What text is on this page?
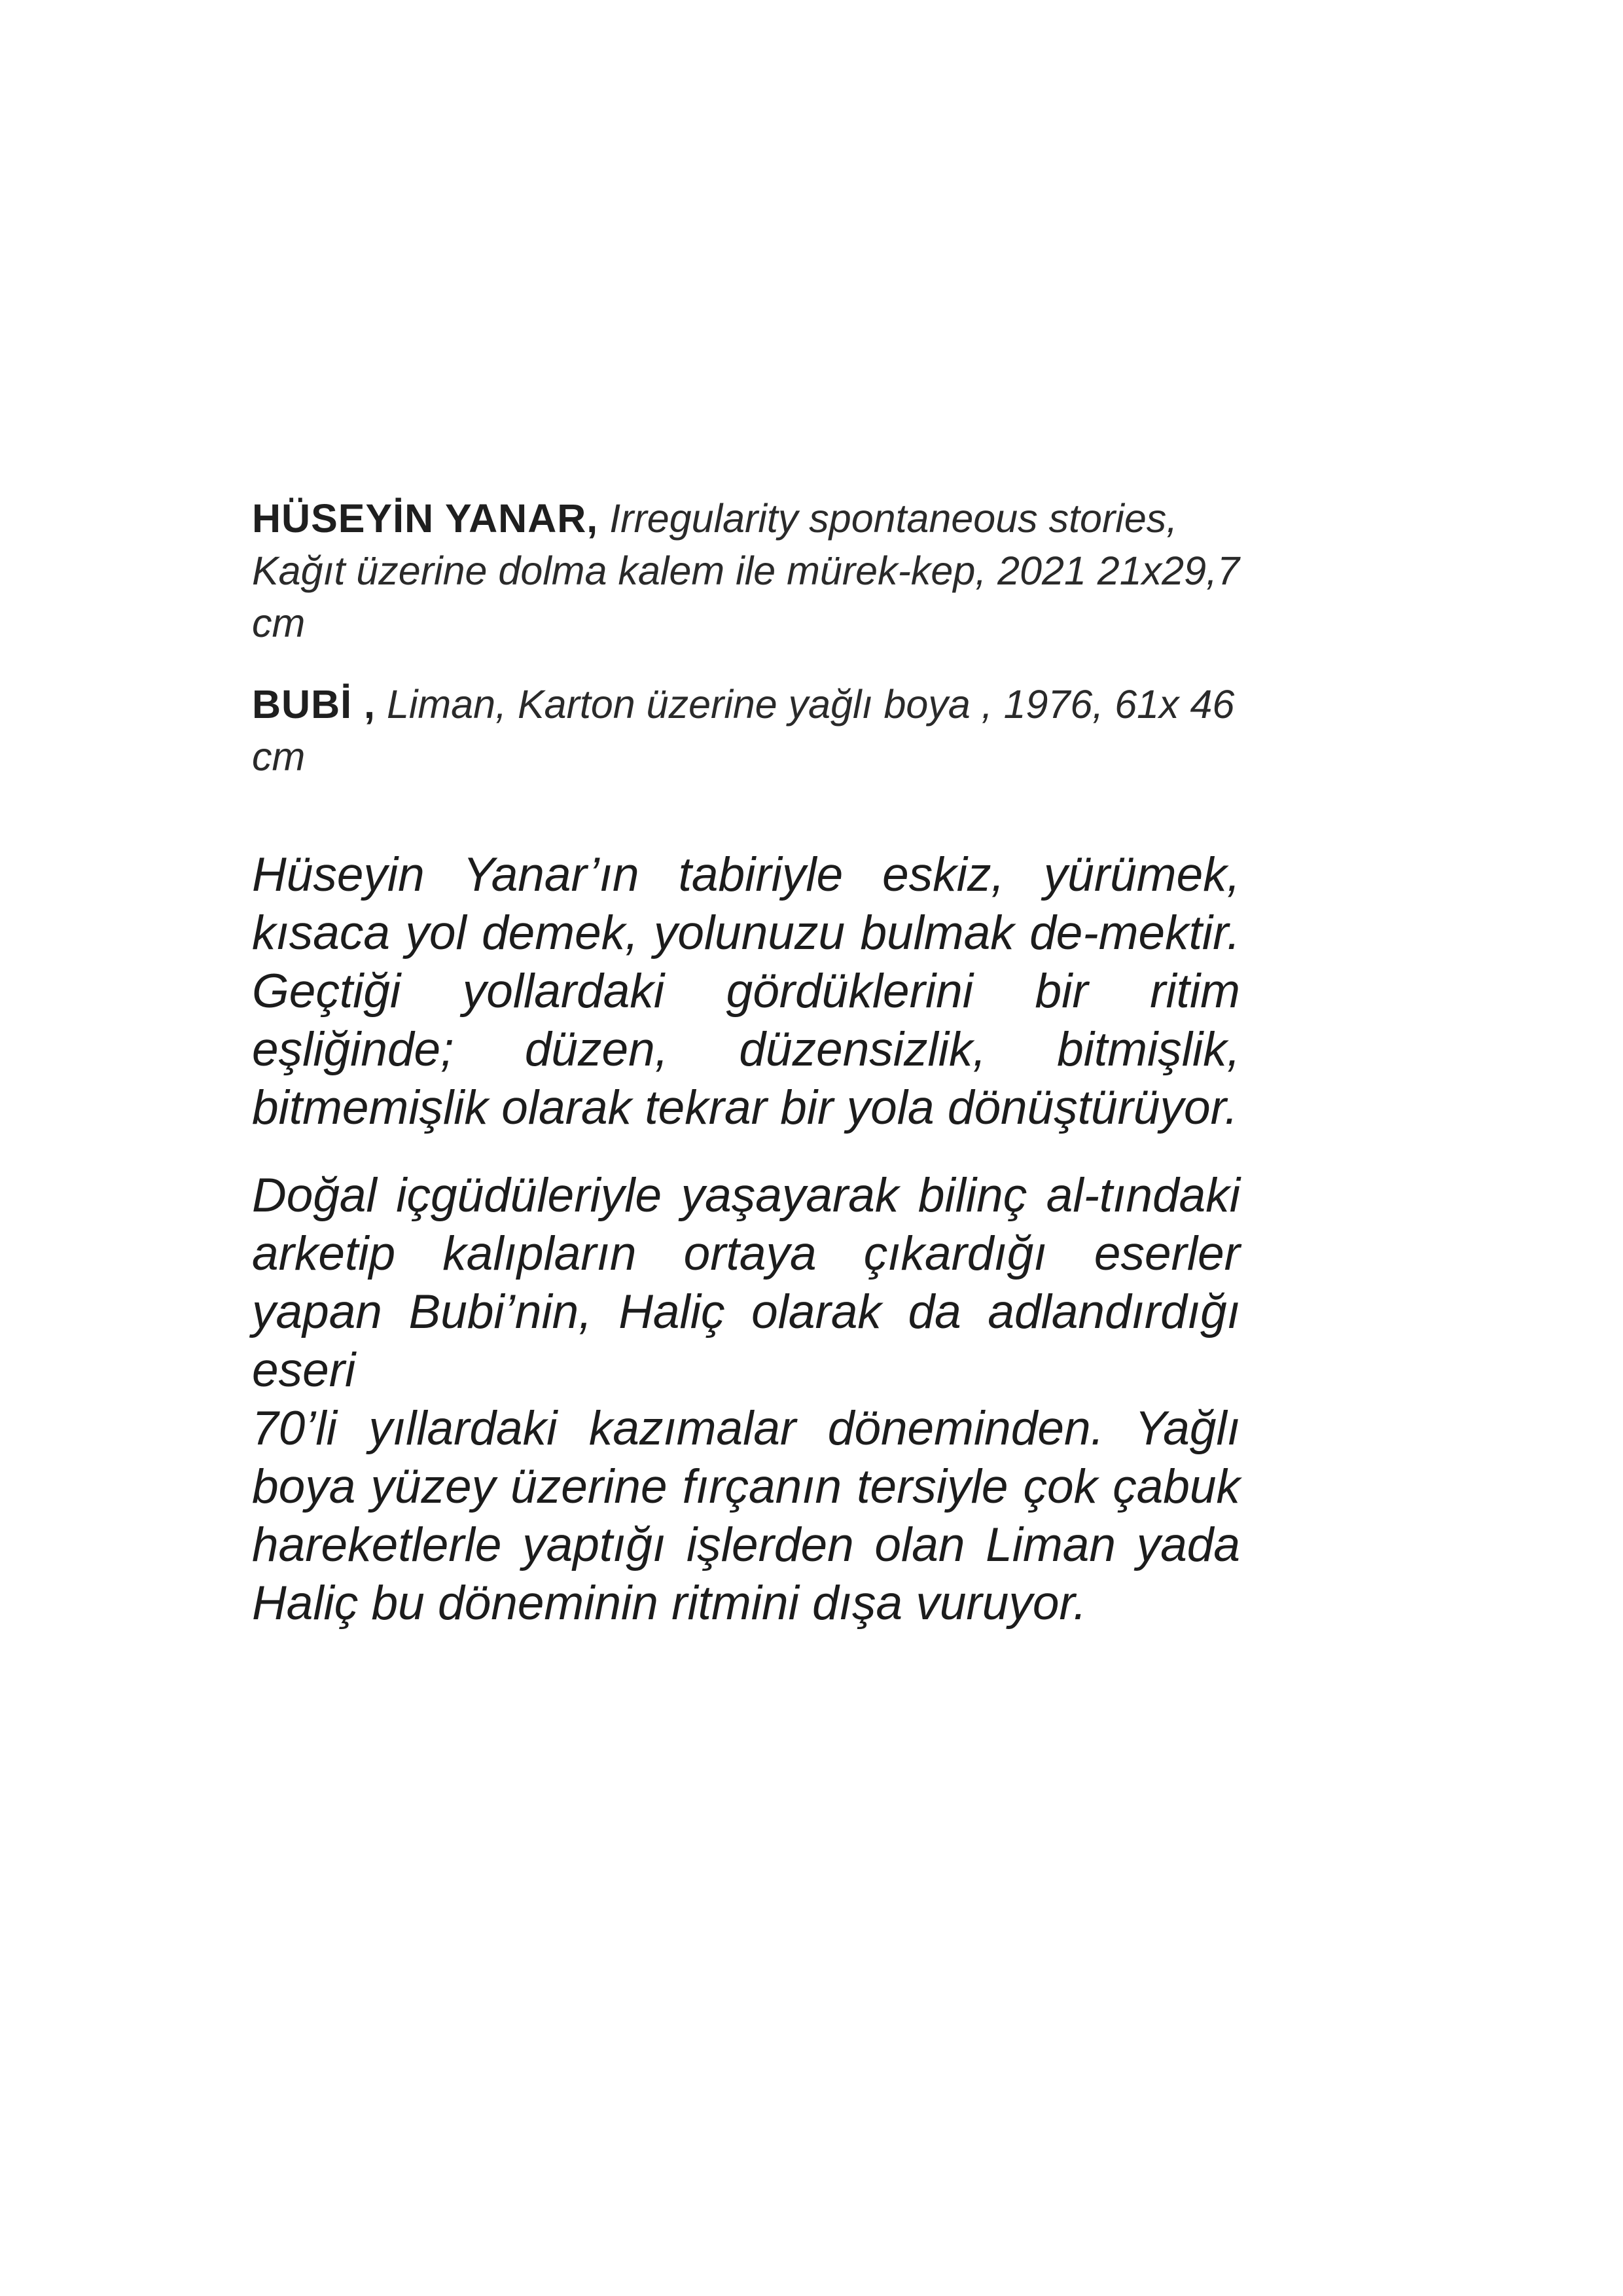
HÜSEYİN YANAR, Irregularity spontaneous stories, Kağıt üzerine dolma kalem ile mürek-kep, 2021 21x29,7 cm

BUBİ , Liman, Karton üzerine yağlı boya , 1976, 61x 46 cm

Hüseyin Yanar’ın tabiriyle eskiz, yürümek, kısaca yol demek, yolunuzu bulmak de-mektir. Geçtiği yollardaki gördüklerini bir ritim eşliğinde; düzen, düzensizlik, bitmişlik, bitmemişlik olarak tekrar bir yola dönüştürüyor.

Doğal içgüdüleriyle yaşayarak bilinç al-tındaki arketip kalıpların ortaya çıkardığı eserler yapan Bubi’nin, Haliç olarak da adlandırdığı eseri
70’li yıllardaki kazımalar döneminden. Yağlı boya yüzey üzerine fırçanın tersiyle çok çabuk hareketlerle yaptığı işlerden olan Liman yada Haliç bu döneminin ritmini dışa vuruyor.
